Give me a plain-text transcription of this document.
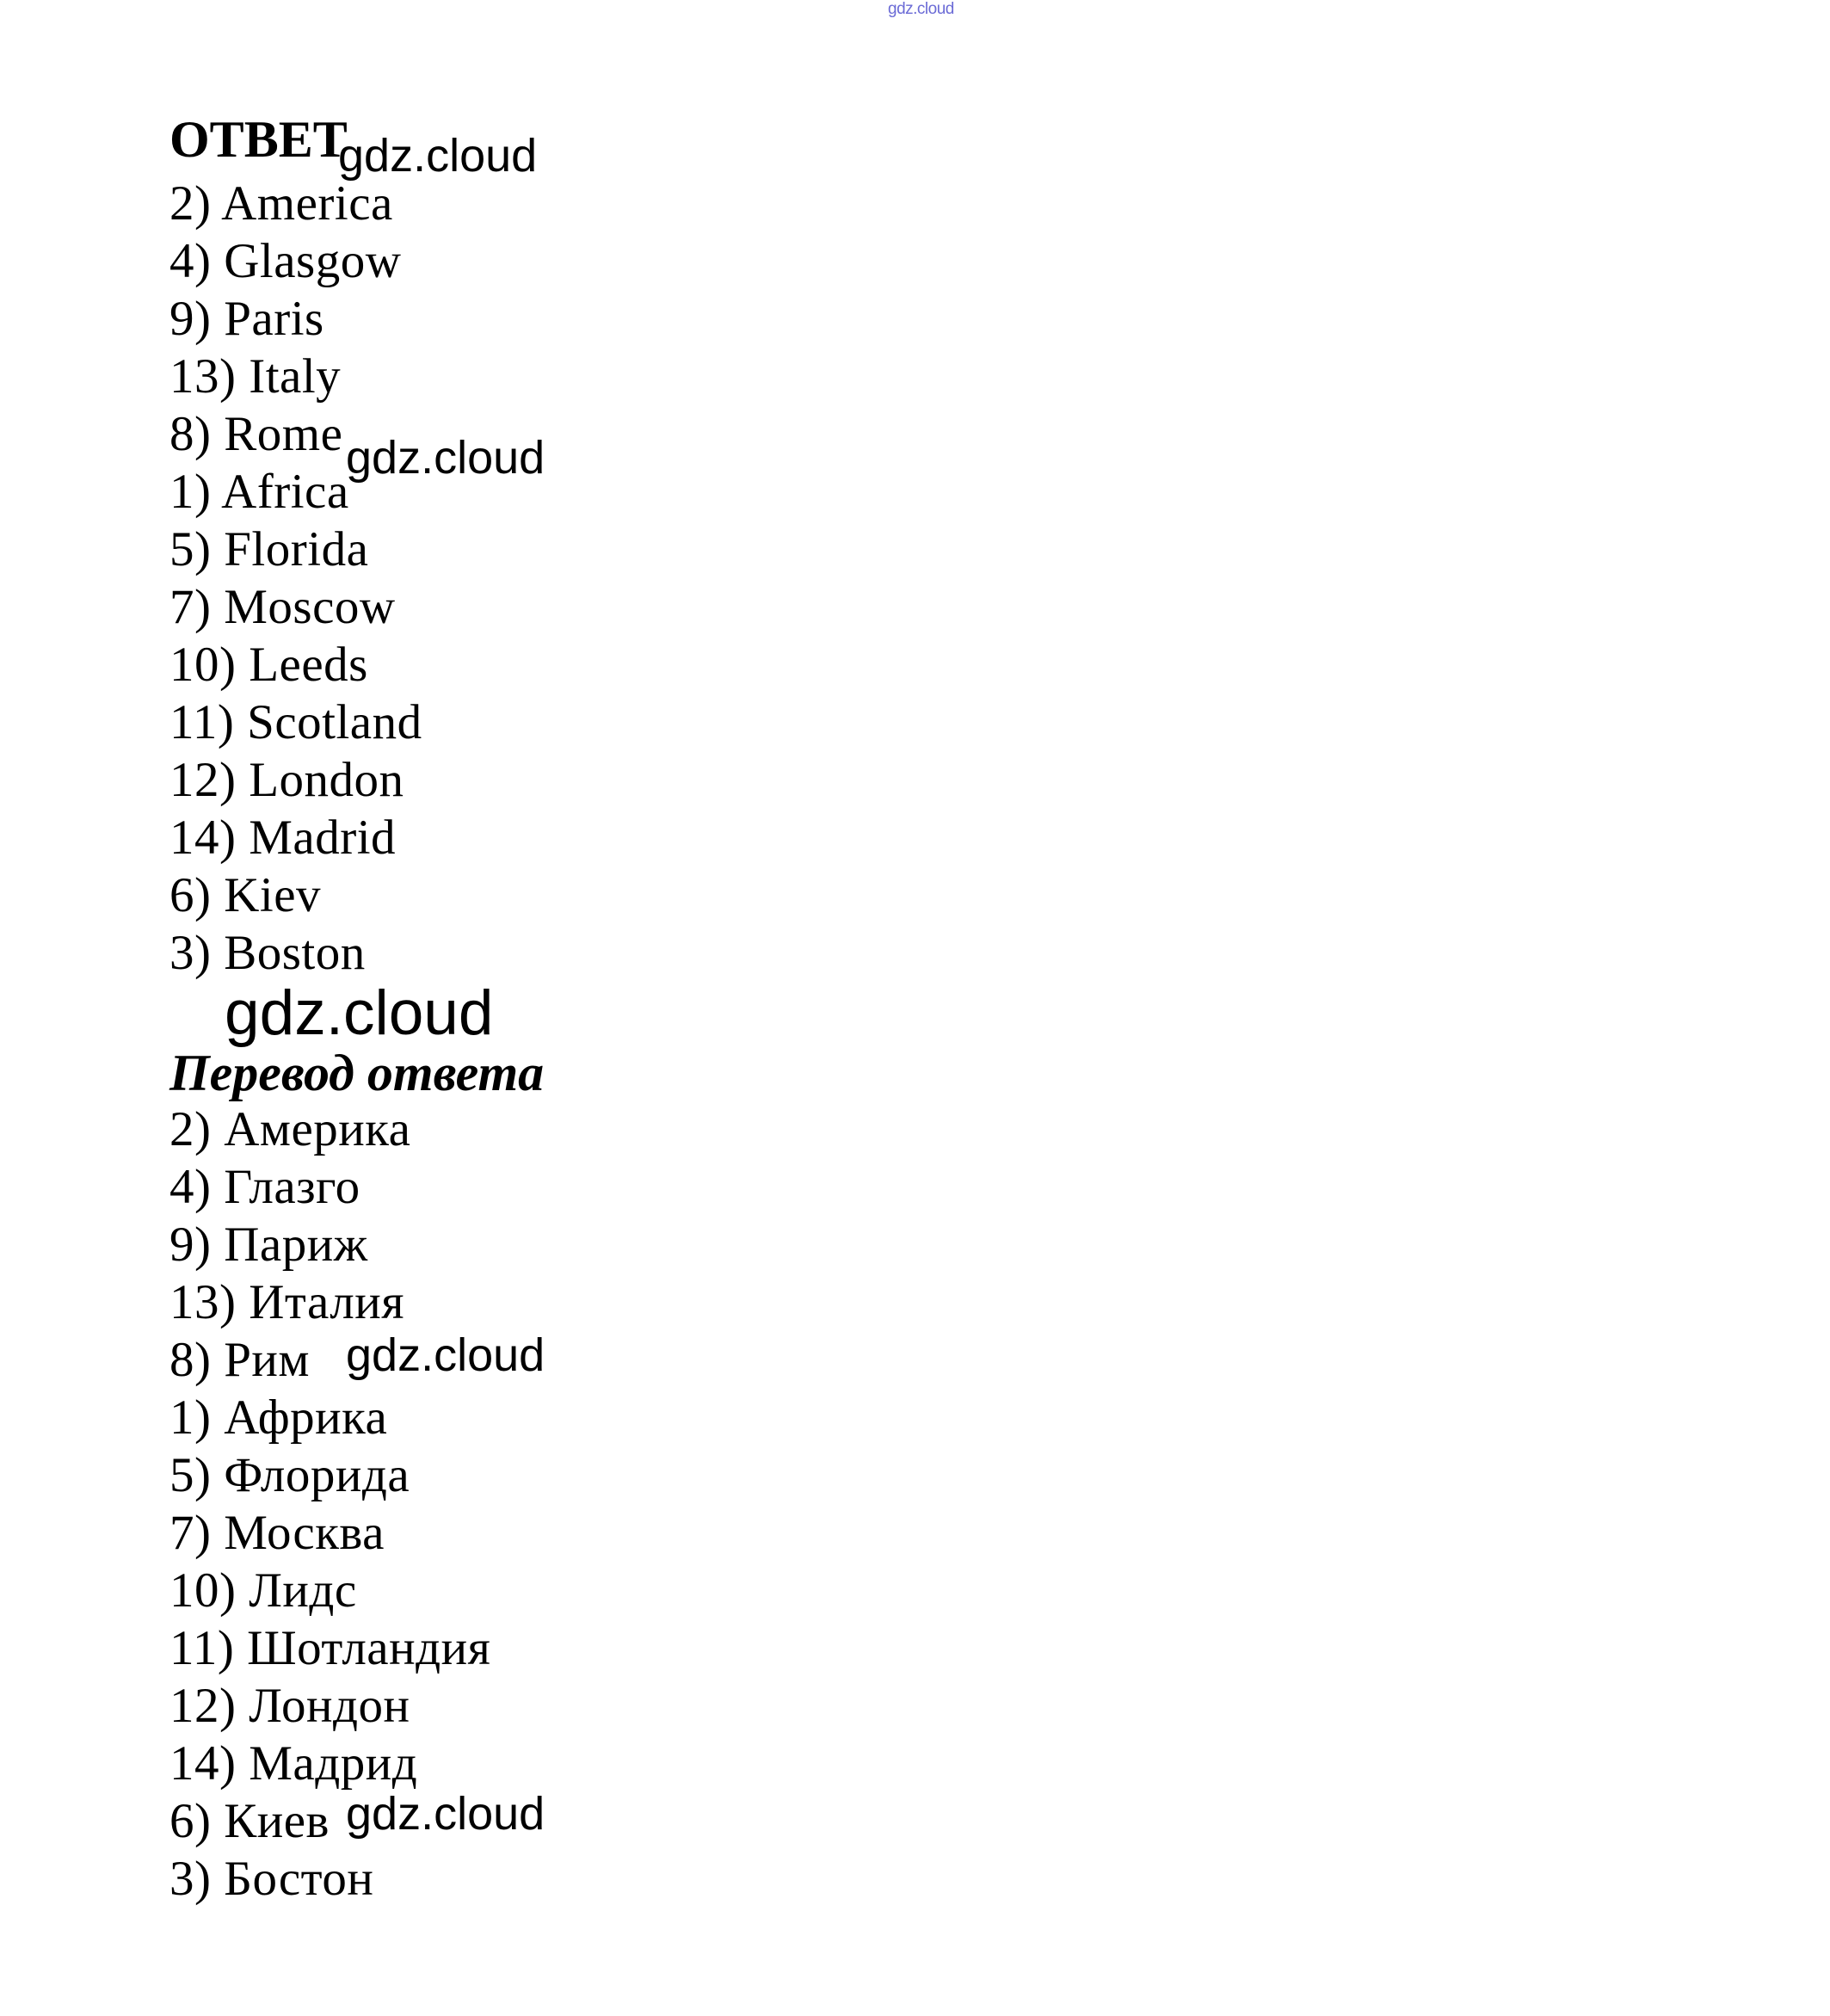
gdz.cloud
ОТВЕТ
2) America
4) Glasgow
9) Paris
13) Italy
8) Rome
1) Africa
5) Florida
7) Moscow
10) Leeds
11) Scotland
12) London
14) Madrid
6) Kiev
3) Boston
Перевод ответа
2) Америка
4) Глазго
9) Париж
13) Италия
8) Рим
1) Африка
5) Флорида
7) Москва
10) Лидс
11) Шотландия
12) Лондон
14) Мадрид
6) Киев
3) Бостон
gdz.cloud
gdz.cloud
gdz.cloud
gdz.cloud
gdz.cloud
